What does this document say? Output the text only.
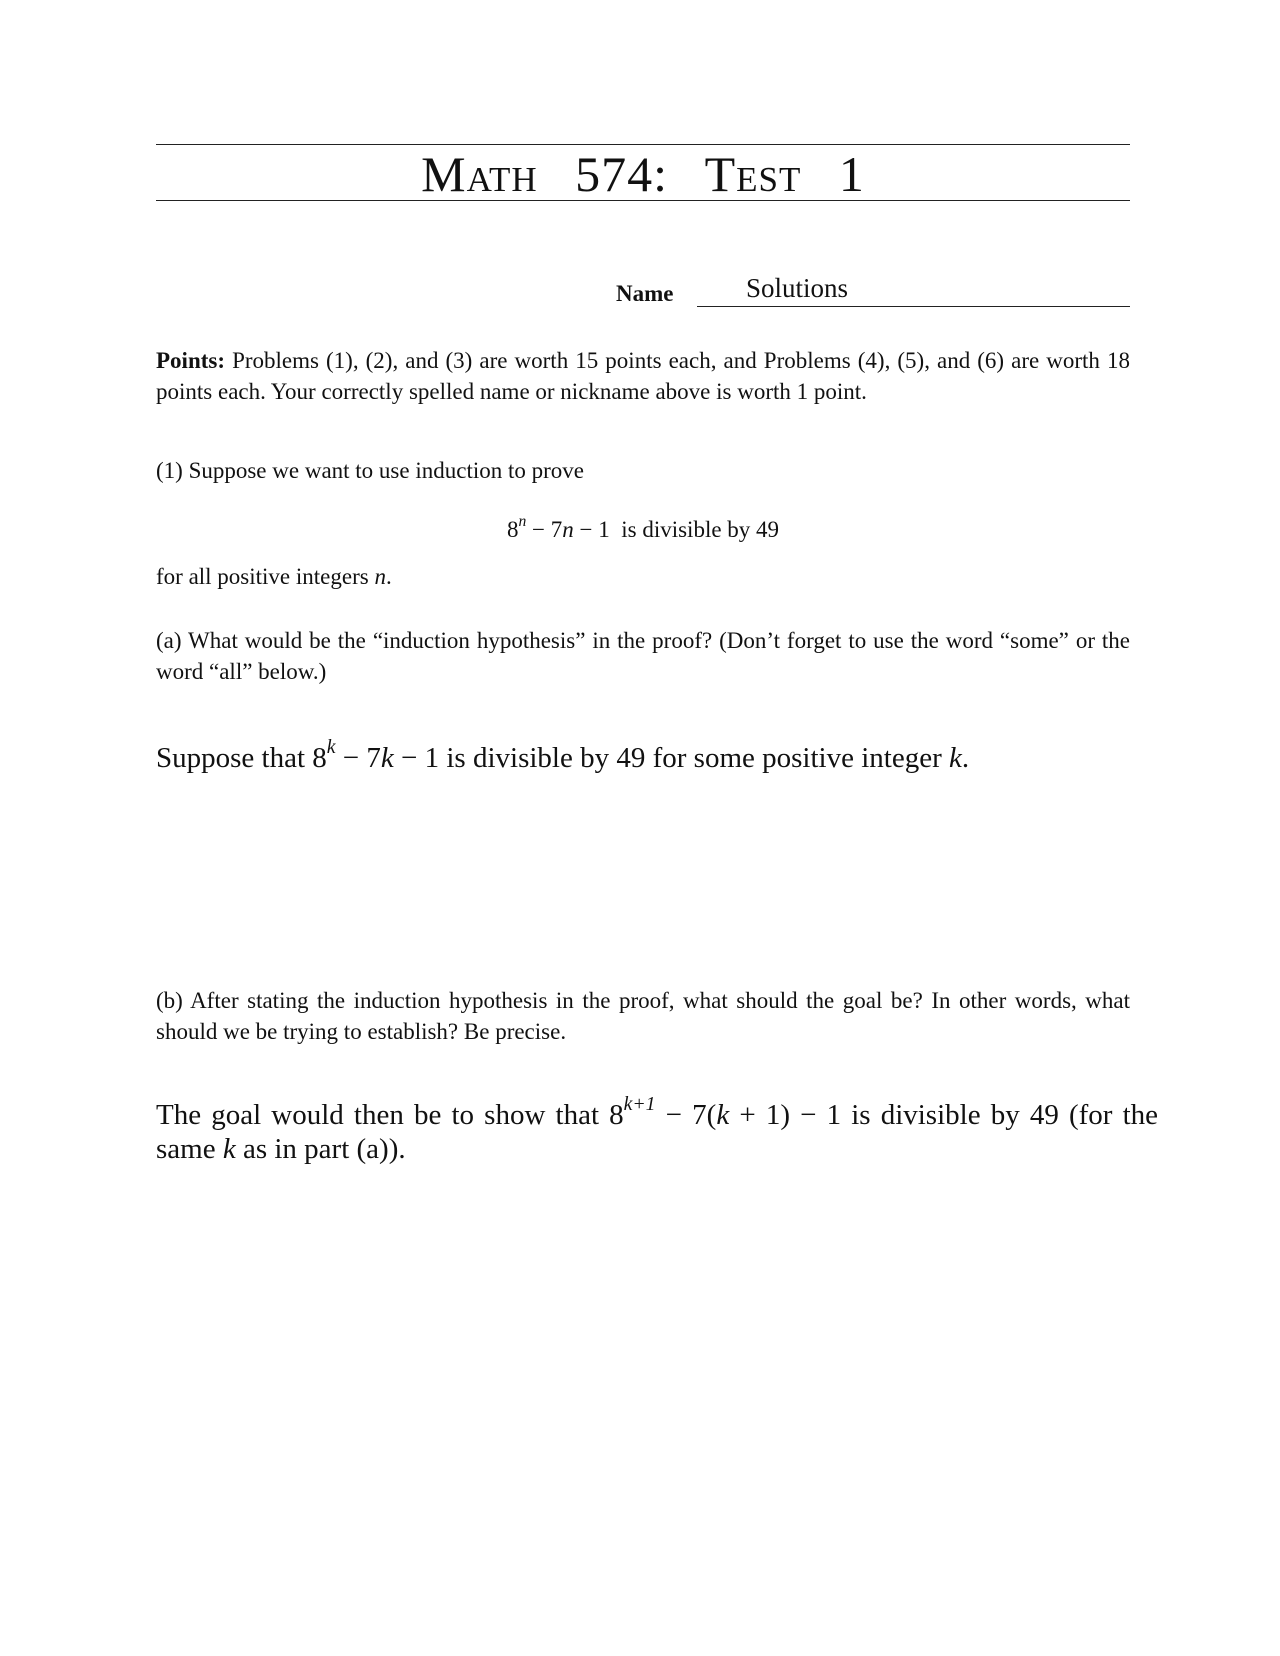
Math 574: Test 1
Name	Solutions
Points: Problems (1), (2), and (3) are worth 15 points each, and Problems (4), (5), and (6) are worth 18 points each. Your correctly spelled name or nickname above is worth 1 point.
(1) Suppose we want to use induction to prove
$8^n - 7n - 1$ is divisible by 49
for all positive integers n.
(a) What would be the “induction hypothesis” in the proof? (Don’t forget to use the word “some” or the word “all” below.)
Suppose that $8^k - 7k - 1$ is divisible by 49 for some positive integer k.
(b) After stating the induction hypothesis in the proof, what should the goal be? In other words, what should we be trying to establish? Be precise.
The goal would then be to show that $8^{k+1} - 7(k + 1) - 1$ is divisible by 49 (for the same k as in part (a)).
